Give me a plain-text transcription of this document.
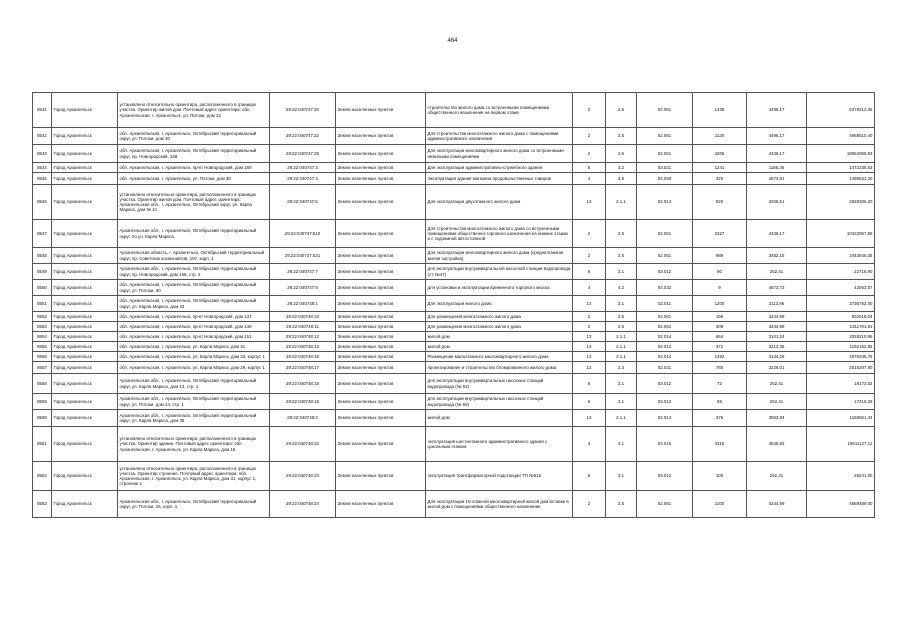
464
8541	Город Архангельск	установлено относительно ориентира, расположенного в границах участка. Ориентир жилой дом. Почтовый адрес ориентира: обл. Архангельская, г. Архангельск, ул. Потоки, дом 32	29:22:040747:20	Земли населенных пунктов	строительство жилого дома со встроенными помещениями общественного назначения на первом этаже	2	2.5	02.061	1438	4496,17	6378212,46
8542	Город Архангельск	обл. Архангельская, г. Архангельск, Октябрьский территориальный округ, ул. Потоки, дом 30	29:22:040747:22	Земли населенных пунктов	Для строительства многоэтажного жилого дома с помещениями административного назначения	2	2.5	02.061	1120	4496,17	4968510,40
8543	Город Архангельск	обл. Архангельская, г. Архангельск, Октябрьский территориальный округ, пр. Новгородский, 158	29:22:040747:25	Земли населенных пунктов	Для эксплуатации многоквартирного жилого дома со встроенными нежилыми помещениями	2	2.6	02.061	4206	4436,17	18654068,53
8544	Город Архангельск	обл. Архангельская, г. Архангельск, пр-кт Новгородский, дом 160	29:22:040747:3	Земли населенных пунктов	Для эксплуатации административно-служебного здания	5	3.2	03.021	1241	1186,35	1472235,53
8545	Город Архангельск	обл. Архангельская, г. Архангельск, ул. Потоки, дом 30	29:22:040747:4	Земли населенных пунктов	Эксплуатация здания магазина продовольственных товаров	4	4.5	04.050	320	4673,81	1495631,20
8546	Город Архангельск	установлено относительно ориентира, расположенного в границах участка. Ориентир жилой дом. Почтовый адрес ориентира: Архангельская обл., г. Архангельск, Октябрьский округ, ул. Карла Маркса, дом № 41	29:22:040747:6	Земли населенных пунктов	Для эксплуатации двухэтажного жилого дома	13	2.1.1	02.014	820	3206,51	2629336,20
8547	Город Архангельск	Архангельская обл., г. Архангельск, Октябрьский территориальный округ, по ул. Карла Маркса	29:22:040747:510	Земли населенных пунктов	Для строительства многоэтажного жилого дома со встроенными помещениями общественно-торгового назначения на нижних этажах и с подземной автостоянкой	2	2.5	02.061	2327	4436,17	10322967,59
8548	Город Архангельск	Архангельская область, г. Архангельск, Октябрьский территориальный округ, пр. Советских космонавтов, 107, корп. 1	29:22:040747:521	Земли населенных пунктов	Для эксплуатации многоквартирного жилого дома (среднеэтажная жилая застройка)	2	2.5	02.051	989	3482,15	3443846,35
8549	Город Архангельск	Архангельская обл., г. Архангельск, Октябрьский территориальный округ, пр. Новгородский, дом 158, стр. 2	29:22:040747:7	Земли населенных пунктов	для эксплуатации внутриквартальной насосной станции водопровода (ст. №47)	6	3.1	03.012	90	252,41	22716,90
8550	Город Архангельск	обл. Архангельская, г. Архангельск, Октябрьский территориальный округ, ул. Потоки, 30	29:22:040747:8	Земли населенных пунктов	для установки и эксплуатации временного торгового киоска	4	4.2	04.032	9	4673,73	42063,57
8551	Город Архангельск	обл. Архангельская, г. Архангельск, Октябрьский территориальный округ, ул. Карла Маркса, дом 33	29:22:040748:1	Земли населенных пунктов	Для эксплуатации жилого дома	13	2.1	02.011	1200	3113,96	3736752,00
8552	Город Архангельск	обл. Архангельская, г. Архангельск, пр-кт Новгородский, дом 147	29:22:040748:10	Земли населенных пунктов	Для размещения многоэтажного жилого дома	2	2.5	02.061	196	4244,99	832018,04
8553	Город Архангельск	обл. Архангельская, г. Архангельск, пр-кт Новгородский, дом 149	29:22:040748:11	Земли населенных пунктов	Для размещения многоэтажного жилого дома	2	2.5	02.061	309	4244,99	1311701,91
8554	Город Архангельск	обл. Архангельская, г. Архангельск, пр-кт Новгородский, дом 151	29:22:040748:12	Земли населенных пунктов	жилой дом	13	2.1.1	02.014	654	3101,24	2028210,96
8555	Город Архангельск	обл. Архангельская, г. Архангельск, ул. Карла Маркса, дом 31	29:22:040748:13	Земли населенных пунктов	жилой дом	13	2.1.1	02.014	371	3213,35	1192152,85
8556	Город Архангельск	обл. Архангельская, г. Архангельск, ул. Карла Маркса, дом 33, корпус 1	29:22:040748:16	Земли населенных пунктов	Размещение малоэтажного многоквартирного жилого дома	13	2.1.1	02.014	1492	3134,26	4676345,76
8557	Город Архангельск	обл. Архангельская, г. Архангельск, ул. Карла Маркса, дом 29, корпус 1	29:22:040748:17	Земли населенных пунктов	проектирование и строительство блокированного жилого дома	13	2.3	02.031	780	3226,01	2516287,80
8558	Город Архангельск	Архангельская обл., г. Архангельск, Октябрьский территориальный округ, ул. Карла Маркса, дом 13, стр. 1	29:22:040748:18	Земли населенных пунктов	для эксплуатации внутриквартальных насосных станций водопровода (№ 53)	6	3.1	03.012	72	252,41	18173,52
8559	Город Архангельск	Архангельская обл., г. Архангельск, Октябрьский территориальный округ, ул. Потоки, дом 24, стр. 1	29:22:040748:19	Земли населенных пунктов	для эксплуатации внутриквартальных насосных станций водопровода (№ 59)	6	3.1	03.012	69	252,41	17416,29
8560	Город Архангельск	Архангельская обл., г. Архангельск, Октябрьский территориальный округ, ул. Карла Маркса, дом 35	29:22:040748:2	Земли населенных пунктов	жилой дом	13	2.1.1	02.014	376	3063,84	1159561,44
8561	Город Архангельск	установлено относительно ориентира, расположенного в границах участка. Ориентир здание. Почтовый адрес ориентира: обл. Архангельская, г. Архангельск, ул. Карла Маркса, дом 15	29:22:040748:22	Земли населенных пунктов	эксплуатация шестиэтажного административного здания с цокольным этажом	4	4.1	04.010	4316	4545,82	19611127,12
8562	Город Архангельск	установлено относительно ориентира, расположенного в границах участка. Ориентир строение. Почтовый адрес ориентира: обл. Архангельская, г. Архангельск, ул. Карла Маркса, дом 31, корпус 1, строение 1	29:22:040748:23	Земли населенных пунктов	эксплуатация трансформаторной подстанции ТП №515	6	3.1	03.012	100	252,41	25241,00
8563	Город Архангельск	Архангельская обл., г. Архангельск, Октябрьский территориальный округ, ул. Потоки, 26, корп. 1	29:22:040748:24	Земли населенных пунктов	Для эксплуатации 10-этажной многоквартирной жилой дом вставки в жилой дом с помещениями общественного назначения	2	2.5	02.061	1100	4244,99	4669489,00
